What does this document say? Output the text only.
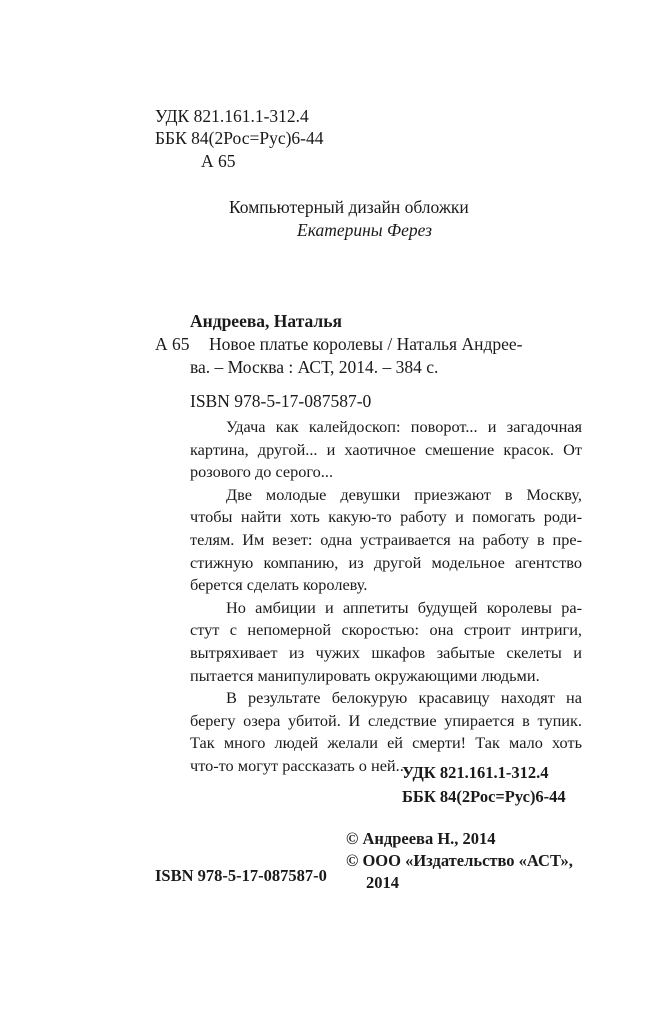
УДК 821.161.1-312.4
ББК 84(2Рос=Рус)6-44
А 65
Компьютерный дизайн обложки
Екатерины Ферез
Андреева, Наталья
А 65 Новое платье королевы / Наталья Андрее-
ва. – Москва : АСТ, 2014. – 384 с.
ISBN 978-5-17-087587-0

Удача как калейдоскоп: поворот... и загадочная
картина, другой... и хаотичное смешение красок. От
розового до серого...

Две молодые девушки приезжают в Москву,
чтобы найти хоть какую-то работу и помогать роди-
телям. Им везет: одна устраивается на работу в пре-
стижную компанию, из другой модельное агентство
берется сделать королеву.

Но амбиции и аппетиты будущей королевы ра-
стут с непомерной скоростью: она строит интриги,
вытряхивает из чужих шкафов забытые скелеты и
пытается манипулировать окружающими людьми.

В результате белокурую красавицу находят на
берегу озера убитой. И следствие упирается в тупик.
Так много людей желали ей смерти! Так мало хоть
что-то могут рассказать о ней...

УДК 821.161.1-312.4
ББК 84(2Рос=Рус)6-44
© Андреева Н., 2014
© ООО «Издательство «АСТ»,
2014
ISBN 978-5-17-087587-0
